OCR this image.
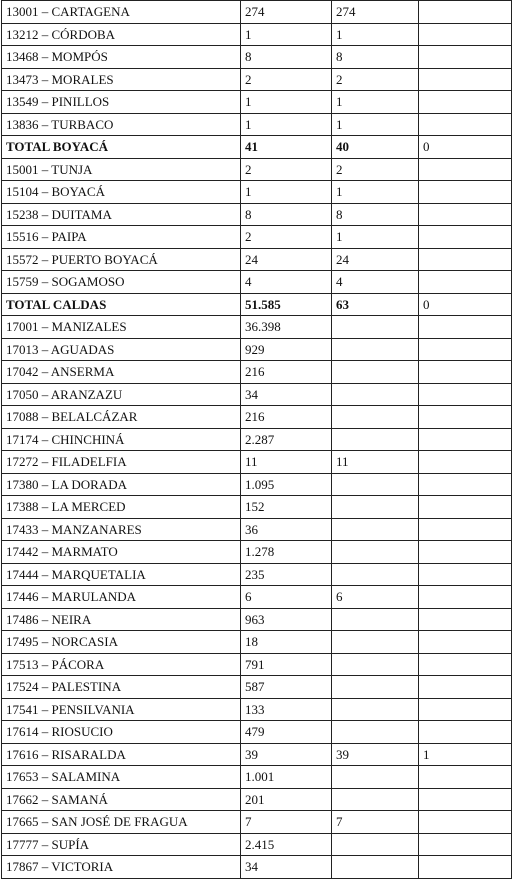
13001 – CARTAGENA	274	274	
13212 – CÓRDOBA	1	1	
13468 – MOMPÓS	8	8	
13473 – MORALES	2	2	
13549 – PINILLOS	1	1	
13836 – TURBACO	1	1	
TOTAL BOYACÁ	41	40	0
15001 – TUNJA	2	2	
15104 – BOYACÁ	1	1	
15238 – DUITAMA	8	8	
15516 – PAIPA	2	1	
15572 – PUERTO BOYACÁ	24	24	
15759 – SOGAMOSO	4	4	
TOTAL CALDAS	51.585	63	0
17001 – MANIZALES	36.398		
17013 – AGUADAS	929		
17042 – ANSERMA	216		
17050 – ARANZAZU	34		
17088 – BELALCÁZAR	216		
17174 – CHINCHINÁ	2.287		
17272 – FILADELFIA	11	11	
17380 – LA DORADA	1.095		
17388 – LA MERCED	152		
17433 – MANZANARES	36		
17442 – MARMATO	1.278		
17444 – MARQUETALIA	235		
17446 – MARULANDA	6	6	
17486 – NEIRA	963		
17495 – NORCASIA	18		
17513 – PÁCORA	791		
17524 – PALESTINA	587		
17541 – PENSILVANIA	133		
17614 – RIOSUCIO	479		
17616 – RISARALDA	39	39	1
17653 – SALAMINA	1.001		
17662 – SAMANÁ	201		
17665 – SAN JOSÉ DE FRAGUA	7	7	
17777 – SUPÍA	2.415		
17867 – VICTORIA	34		
